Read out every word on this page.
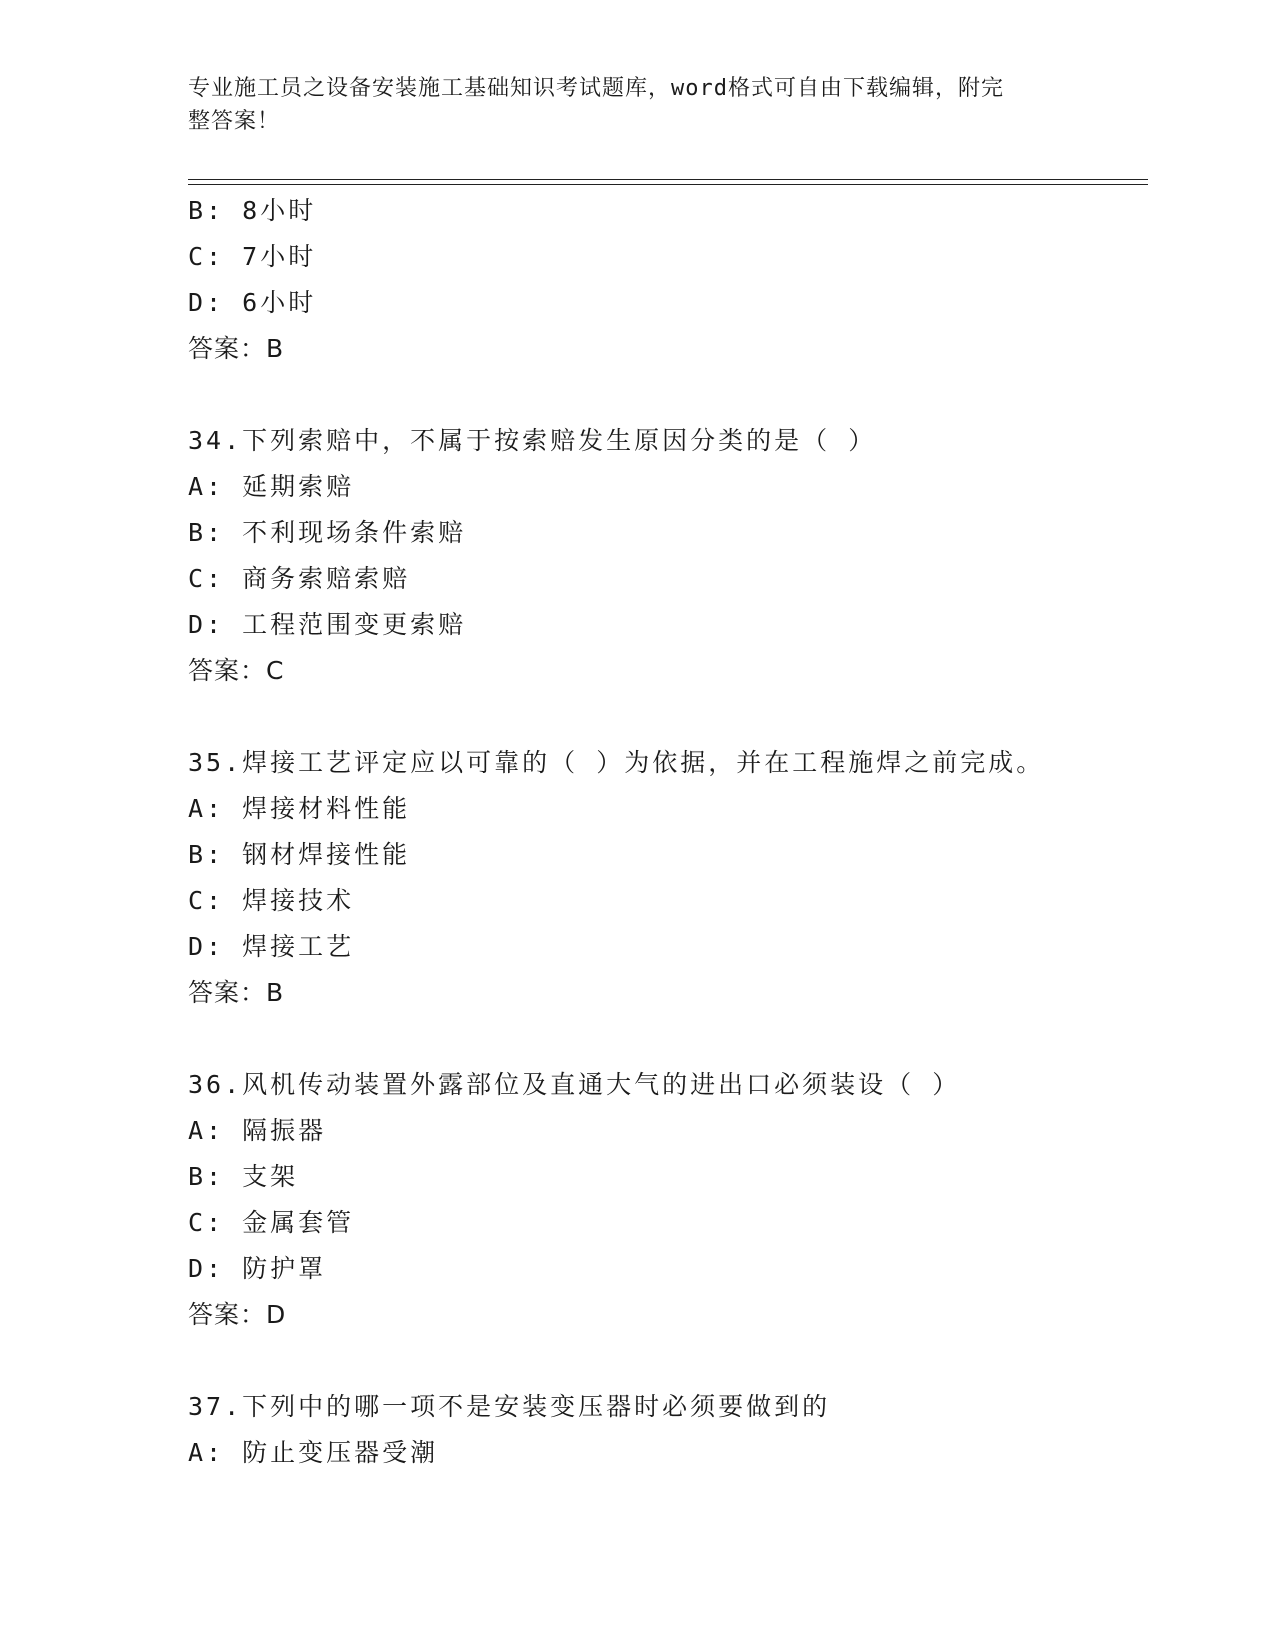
专业施工员之设备安装施工基础知识考试题库，word格式可自由下载编辑，附完
整答案！
B: 8小时
C: 7小时
D: 6小时
答案：B
34.下列索赔中，不属于按索赔发生原因分类的是（ ）
A: 延期索赔
B: 不利现场条件索赔
C: 商务索赔索赔
D: 工程范围变更索赔
答案：C
35.焊接工艺评定应以可靠的（ ）为依据，并在工程施焊之前完成。
A: 焊接材料性能
B: 钢材焊接性能
C: 焊接技术
D: 焊接工艺
答案：B
36.风机传动装置外露部位及直通大气的进出口必须装设（ ）
A: 隔振器
B: 支架
C: 金属套管
D: 防护罩
答案：D
37.下列中的哪一项不是安装变压器时必须要做到的
A: 防止变压器受潮
